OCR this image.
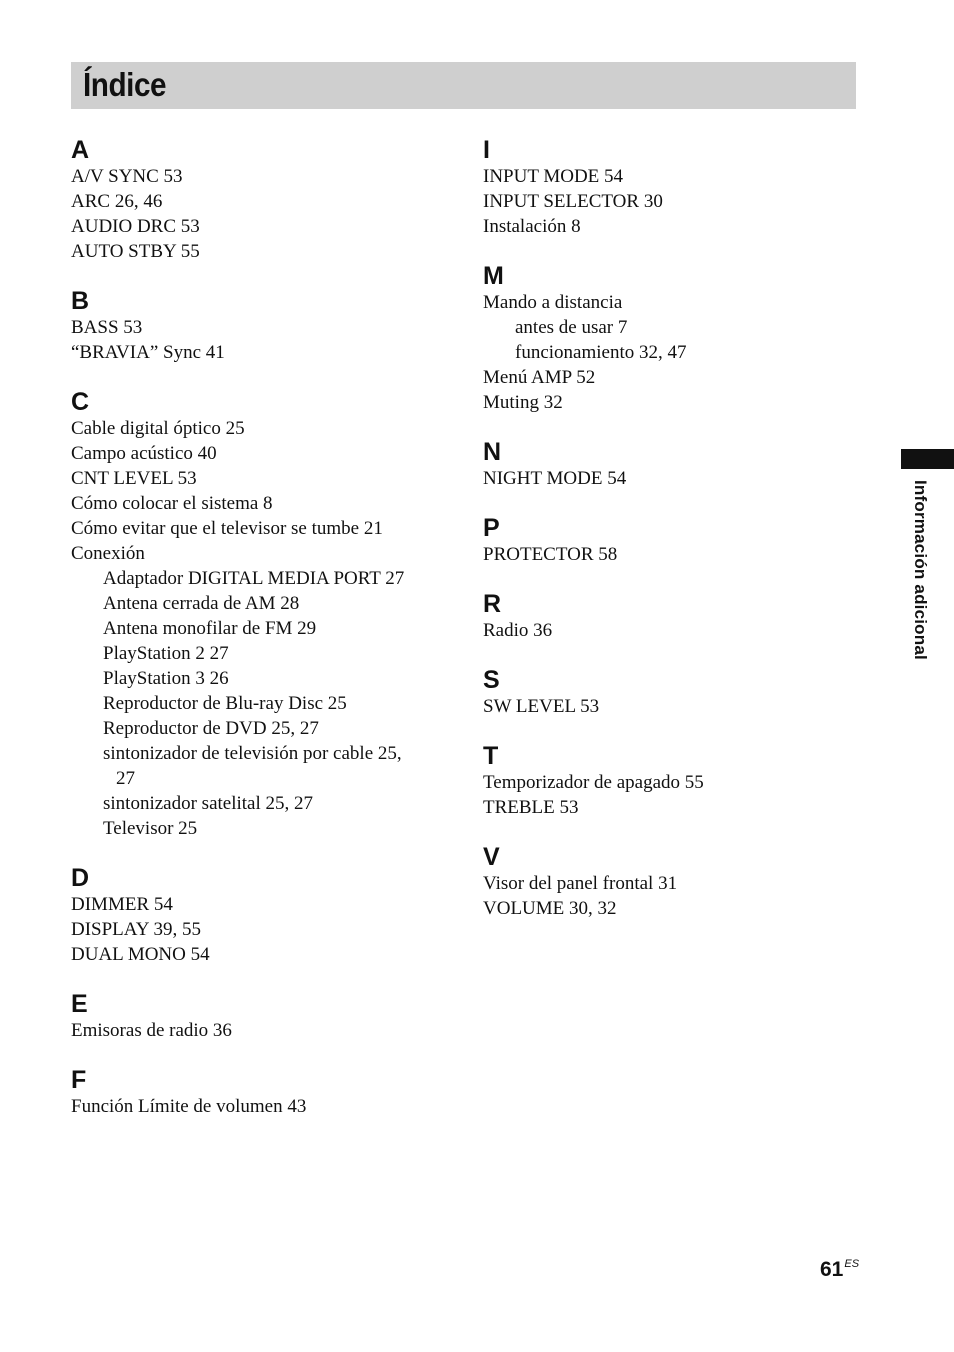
Índice
A
A/V SYNC 53
ARC 26, 46
AUDIO DRC 53
AUTO STBY 55
B
BASS 53
“BRAVIA” Sync 41
C
Cable digital óptico 25
Campo acústico 40
CNT LEVEL 53
Cómo colocar el sistema 8
Cómo evitar que el televisor se tumbe 21
Conexión
Adaptador DIGITAL MEDIA PORT 27
Antena cerrada de AM 28
Antena monofilar de FM 29
PlayStation 2 27
PlayStation 3 26
Reproductor de Blu-ray Disc 25
Reproductor de DVD 25, 27
sintonizador de televisión por cable 25,
27
sintonizador satelital 25, 27
Televisor 25
D
DIMMER 54
DISPLAY 39, 55
DUAL MONO 54
E
Emisoras de radio 36
F
Función Límite de volumen 43
I
INPUT MODE 54
INPUT SELECTOR 30
Instalación 8
M
Mando a distancia
antes de usar 7
funcionamiento 32, 47
Menú AMP 52
Muting 32
N
NIGHT MODE 54
P
PROTECTOR 58
R
Radio 36
S
SW LEVEL 53
T
Temporizador de apagado 55
TREBLE 53
V
Visor del panel frontal 31
VOLUME 30, 32
Información adicional
$61^{ES}$
